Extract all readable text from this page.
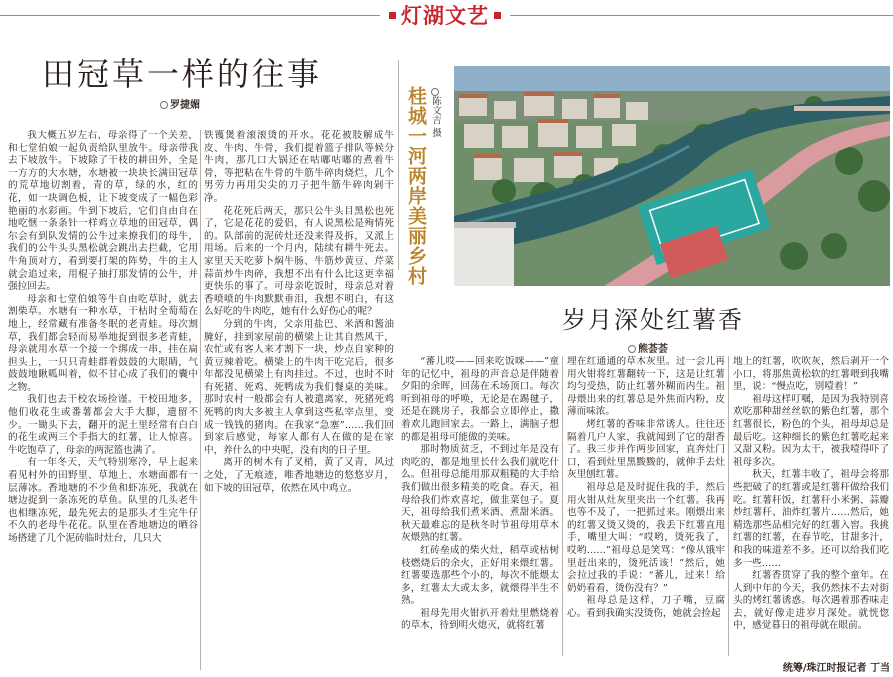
灯湖文艺
田冠草一样的往事
罗捷媚

我大概五岁左右，母亲得了一个关差，和七堂伯娘一起负责给队里放牛。母亲带我去下坡放牛。下坡除了干枝的耕田外，全是一方方的大水塘，水塘被一块块长满田冠草的荒草地切割着，青的草，绿的水，红的花，如一块调色板，让下坡变成了一幅色彩艳丽的水彩画。牛到下坡后，它们自由自在地吃惬一条条针一样鸡立草地的田冠草，偶尔会有到队发情的公牛过来撩我们的母牛，我们的公牛头头黑松就会跳出去拦截，它用牛角顶对方，看到要打架的阵势，牛的主人就会追过来，用棍子抽打那发情的公牛，并强拉回去。

母亲和七堂伯娘等牛自由吃草时，就去割柴草。水塘有一种水草，干枯时全萄萄在地上，经常藏有准备冬眠的老青蛙。母次割草，我们都会轻而易举地捉到很多老青蛙，母亲就用水草一个接一个绑成一串，挂在扁担头上，一只只青蛙群着鼓鼓的大眼睛，气鼓鼓地瞅呱叫着，似不甘心成了我们的囊中之物。

我们也去干校农场捡谨。干校田地多，他们收花生或番薯都会大手大脚，遗留不少。一锄头下去，翻开的泥土里经常有白白的花生或两三个手指大的红薯，让人惊喜。牛吃饱草了，母亲的两泥篮也满了。

有一年冬天，天气特别寒冷，早上起来看见村外的田野里、草地上、水塘面都有一层薄冰。香地塘的不少鱼和虾冻死，我就在塘边捉到一条冻死的草鱼。队里的几头老牛也相继冻死，最先死去的是那头才生完牛仔不久的老母牛花花。队里在香地塘边的晒谷场搭建了几个泥砖临时灶台，几只大

铁镬煲着滚滚烫的开水。花花被肢解成牛皮、牛肉、牛骨，我们提着篮子排队等候分牛肉，那几口大锅还在咕嘟咕嘟的煮着牛骨，等把粘在牛骨的牛筋牛碎肉烧烂，几个男劳力再用尖尖的刀子把牛筋牛碎肉剁干净。

花花死后两天，那只公牛头目黑松也死了，它是花花的爱侣，有人说黑松是殉情死的。队部前的泥砖灶还没来得及拆，又派上用场。后来的一个月内，陆续有耕牛死去。家里天天吃萝卜焖牛肠、牛筋炒黄豆、芹菜蒜苗炒牛肉碎，我想不出有什么比这更幸福更快乐的事了。可母亲吃饭时，母亲总对着香喷喷的牛肉默默垂泪，我想不明白，有这么好吃的牛肉吃，她有什么好伤心的呢？

分到的牛肉，父亲用盐巴、米酒和酱油腌好，挂到家屋前的横梁上让其自然风干，农忙或有客人来才割下一块，炒点自家种的黄豆辣着吃。横梁上的牛肉干吃完后，很多年都没见横梁上有肉挂过。不过，也时不时有死猪、死鸡、死鸭成为我们餐桌的美味。那时农村一般都会有人被遣离家，死猪死鸡死鸭的肉大多被主人拿到这些私宰点里，变成一钱钱的猪肉。在我家“急塞”……我们回到家后感觉，每家人都有人在做的是在家中，养什么的中央呢，没有肉的日子里。

离开的树木有了叉梢，黄了又青，风过之处，了无痕迹，唯香地塘边的悠悠岁月，如下坡的田冠草，依然在风中鸡立。

桂城一河两岸美丽乡村 陈文吉 摄
岁月深处红薯香
熊荟荟

“蕃儿哎——回来吃饭咪——”童年的记忆中，祖母的声音总是伴随着夕阳的余晖，回荡在禾场顶口。每次听到祖母的呼唤，无论是在踢毽子，还是在跳房子，我都会立即停止，撒着欢儿跑回家去。一路上，满脑子想的都是祖母可能做的美味。

那时物质贫乏，不到过年是没有肉吃的，都是地里长什么我们就吃什么。但祖母总能用那双粗糙的大手给我们做出很多精美的吃食。春天，祖母给我们炸欢喜坨，做韭菜包子。夏天，祖母给我们煮米酒、煮甜米酒。秋天最难忘的是秋冬时节祖母用草木灰煨熟的红薯。

红砖垒成的柴火灶，稻草或枯树枝燃烧后的余火，正好用来煨红薯。红薯要选那些个小的，每次不能煨太多，红薯太大或太多，就煨得半生不熟。

祖母先用火钳扒开着灶里燃烧着的草木，待到明火熄灭，就将红薯

埋在红通通的草木灰里。过一会儿再用火钳将红薯翻转一下，这是让红薯均匀受热，防止红薯外糊而内生。祖母煨出来的红薯总是外焦而内粉，皮薄而味浓。

烤红薯的香味非常诱人。往往还隔着几户人家，我就闻到了它的甜香了。我三步并作两步回家，直奔灶门口，看到灶里黑黢黢的，就伸手去灶灰里刨红薯。

祖母总是及时捉住我的手，然后用火钳从灶灰里夹出一个红薯。我再也等不及了，一把抓过来。刚煨出来的红薯又烫又烫的，我丢下红薯直甩手，嘴里大叫：“哎哟，烫死我了，哎哟……”祖母总是笑骂：“像从饿牢里赶出来的，烫死活该！”然后，她会拉过我的手说：“蕃儿，过来！给奶奶看看，烫伤没有？”

祖母总是这样，刀子嘴，豆腐心。看到我确实没烫伤，她就会捡起

地上的红薯，吹吹灰，然后剥开一个小口，将那焦黄松软的红薯喂到我嘴里，说：“慢点吃，别噎着！”

祖母这样叮嘱，是因为我特别喜欢吃那种甜丝丝软的紫色红薯，那个红薯很长，粉色的个头，祖母却总是最后吃。这种细长的紫色红薯吃起来又甜又粉。因为太干，被我噎得吓了祖母多次。

秋天，红薯丰收了，祖母会将那些把破了的红薯或是红薯秆做给我们吃。红薯秆饭，红薯秆小米粥、蒜瓣炒红薯秆、油炸红薯片……然后，她精选那些品相完好的红薯入窖。我挑红薯的红薯，在春节吃，甘甜多汁，和我的味道差不多。还可以给我们吃多一些……

红薯香贯穿了我的整个童年。在人到中年的今天，我仍然抹不去对街头的烤红薯诱惑。每次遇着那香味走去，就好像走进岁月深处。就恍惚中，感觉暮日的祖母就在眼前。

统筹/珠江时报记者 丁当
